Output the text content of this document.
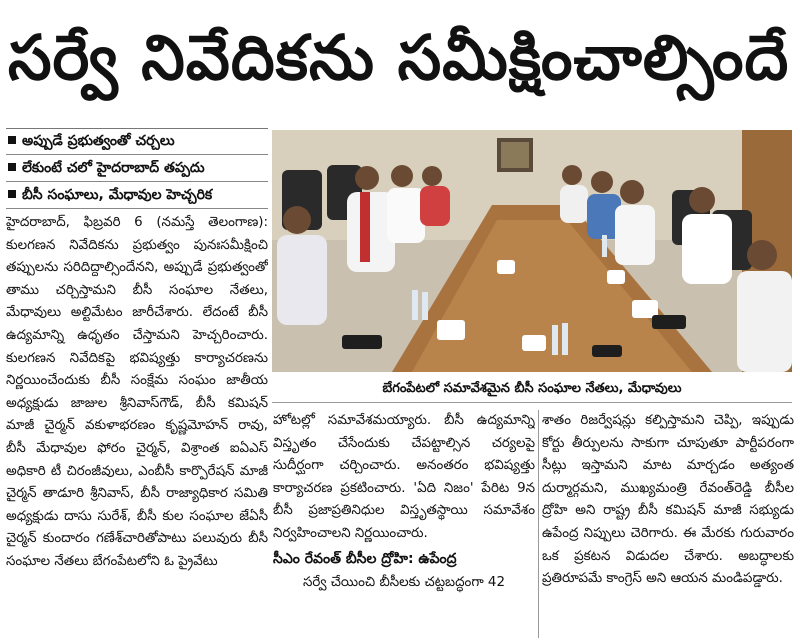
సర్వే నివేదికను సమీక్షించాల్సిందే
అప్పుడే ప్రభుత్వంతో చర్చలు
లేకుంటే చలో హైదరాబాద్ తప్పదు
బీసీ సంఘాలు, మేధావుల హెచ్చరిక

హైదరాబాద్, ఫిబ్రవరి 6 (నమస్తే తెలంగాణ): కులగణన నివేదికను ప్రభుత్వం పునఃసమీక్షించి తప్పులను సరిదిద్దాల్సిందేనని, అప్పుడే ప్రభుత్వంతో తాము చర్చిస్తామని బీసీ సంఘాల నేతలు, మేధావులు అల్టిమేటం జారీచేశారు. లేదంటే బీసీ ఉద్యమాన్ని ఉధృతం చేస్తామని హెచ్చరించారు. కులగణన నివేదికపై భవిష్యత్తు కార్యాచరణను నిర్ణయించేందుకు బీసీ సంక్షేమ సంఘం జాతీయ అధ్యక్షుడు జాజుల శ్రీనివాస్‌గౌడ్, బీసీ కమిషన్ మాజీ చైర్మన్ వకుళాభరణం కృష్ణమోహన్ రావు, బీసీ మేధావుల ఫోరం చైర్మన్, విశ్రాంత ఐఏఎస్ అధికారి టీ చిరంజీవులు, ఎంబీసీ కార్పొరేషన్ మాజీ చైర్మన్ తాడూరి శ్రీనివాస్, బీసీ రాజ్యాధికార సమితి అధ్యక్షుడు దాసు సురేశ్, బీసీ కుల సంఘాల జేఏసీ చైర్మన్ కుందారం గణేశ్‌చారితోపాటు పలువురు బీసీ సంఘాల నేతలు బేగంపేటలోని ఓ ప్రైవేటు

బేగంపేటలో సమావేశమైన బీసీ సంఘాల నేతలు, మేధావులు

హోటల్లో సమావేశమయ్యారు. బీసీ ఉద్యమాన్ని విస్తృతం చేసేందుకు చేపట్టాల్సిన చర్యలపై సుదీర్ఘంగా చర్చించారు. అనంతరం భవిష్యత్తు కార్యాచరణ ప్రకటించారు. 'ఏది నిజం' పేరిట 9న బీసీ ప్రజాప్రతినిధుల విస్తృతస్థాయి సమావేశం నిర్వహించాలని నిర్ణయించారు.

సీఎం రేవంత్ బీసీల ద్రోహి: ఉపేంద్ర

సర్వే చేయించి బీసీలకు చట్టబద్ధంగా 42

శాతం రిజర్వేషన్లు కల్పిస్తామని చెప్పి, ఇప్పుడు కోర్టు తీర్పులను సాకుగా చూపుతూ పార్టీపరంగా సీట్లు ఇస్తామని మాట మార్చడం అత్యంత దుర్మార్గమని, ముఖ్యమంత్రి రేవంత్‌రెడ్డి బీసీల ద్రోహి అని రాష్ట్ర బీసీ కమిషన్ మాజీ సభ్యుడు ఉపేంద్ర నిప్పులు చెరిగారు. ఈ మేరకు గురువారం ఒక ప్రకటన విడుదల చేశారు. అబద్ధాలకు ప్రతిరూపమే కాంగ్రెస్ అని ఆయన మండిపడ్డారు.
